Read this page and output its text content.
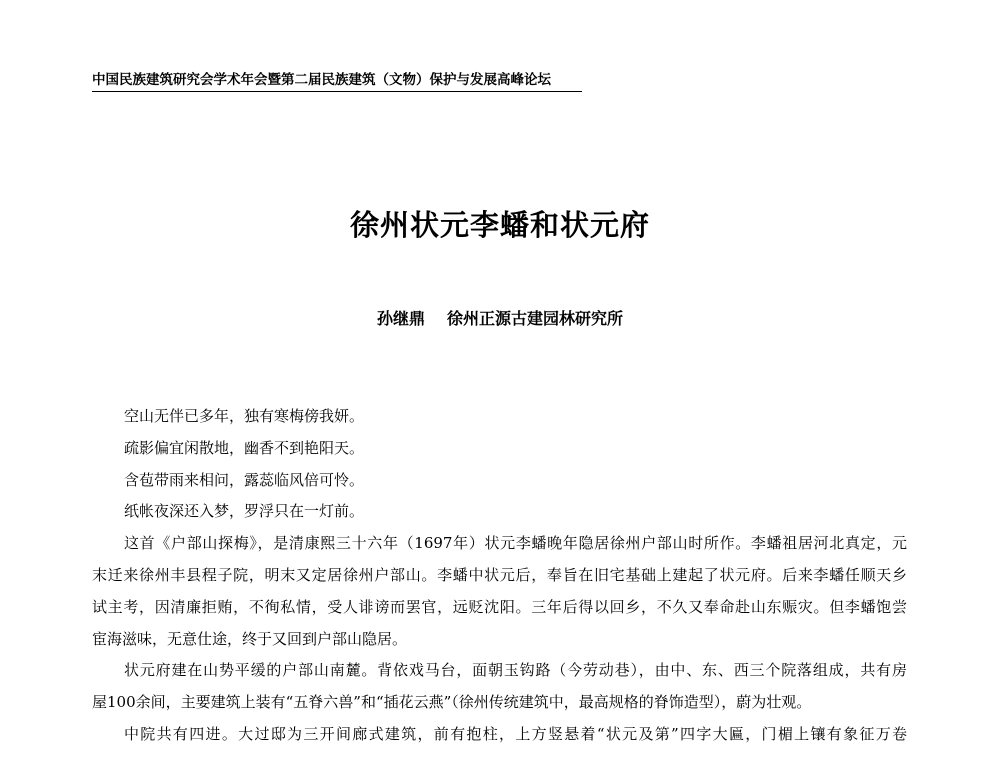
中国民族建筑研究会学术年会暨第二届民族建筑（文物）保护与发展高峰论坛
徐州状元李蟠和状元府
孙继鼎 徐州正源古建园林研究所
空山无伴已多年，独有寒梅傍我妍。
疏影偏宜闲散地，幽香不到艳阳天。
含苞带雨来相问，露蕊临风倍可怜。
纸帐夜深还入梦，罗浮只在一灯前。
这首《户部山探梅》，是清康熙三十六年（1697年）状元李蟠晚年隐居徐州户部山时所作。李蟠祖居河北真定，元
末迁来徐州丰县程子院，明末又定居徐州户部山。李蟠中状元后，奉旨在旧宅基础上建起了状元府。后来李蟠任顺天乡
试主考，因清廉拒贿，不徇私情，受人诽谤而罢官，远贬沈阳。三年后得以回乡，不久又奉命赴山东赈灾。但李蟠饱尝
宦海滋味，无意仕途，终于又回到户部山隐居。
状元府建在山势平缓的户部山南麓。背依戏马台，面朝玉钩路（今劳动巷），由中、东、西三个院落组成，共有房
屋100余间，主要建筑上装有“五脊六兽”和“插花云燕”（徐州传统建筑中，最高规格的脊饰造型），蔚为壮观。
中院共有四进。大过邸为三开间廊式建筑，前有抱柱，上方竖悬着“状元及第”四字大匾，门楣上镶有象征万卷
